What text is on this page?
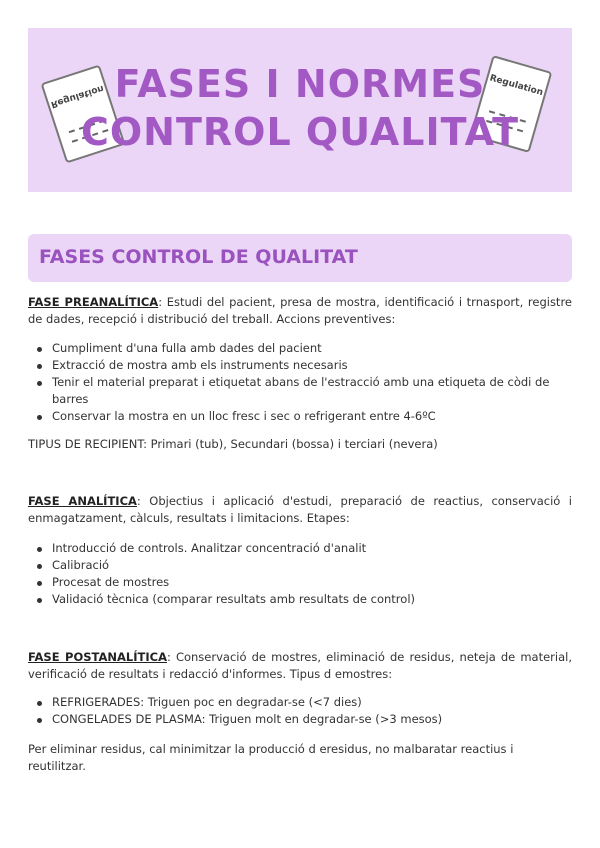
Regulation	Regulation
FASES I NORMES
CONTROL QUALITAT
FASES CONTROL DE QUALITAT
FASE PREANALÍTICA: Estudi del pacient, presa de mostra, identificació i trnasport, registre de dades, recepció i distribució del treball. Accions preventives:
Cumpliment d'una fulla amb dades del pacient
Extracció de mostra amb els instruments necesaris
Tenir el material preparat i etiquetat abans de l'estracció amb una etiqueta de còdi de barres
Conservar la mostra en un lloc fresc i sec o refrigerant entre 4-6ºC
TIPUS DE RECIPIENT: Primari (tub), Secundari (bossa) i terciari (nevera)
FASE ANALÍTICA: Objectius i aplicació d'estudi, preparació de reactius, conservació i enmagatzament, càlculs, resultats i limitacions. Etapes:
Introducció de controls. Analitzar concentració d'analit
Calibració
Procesat de mostres
Validació tècnica (comparar resultats amb resultats de control)
FASE POSTANALÍTICA: Conservació de mostres, eliminació de residus, neteja de material, verificació de resultats i redacció d'informes. Tipus d emostres:
REFRIGERADES: Triguen poc en degradar-se (<7 dies)
CONGELADES DE PLASMA: Triguen molt en degradar-se (>3 mesos)
Per eliminar residus, cal minimitzar la producció d eresidus, no malbaratar reactius i reutilitzar.
